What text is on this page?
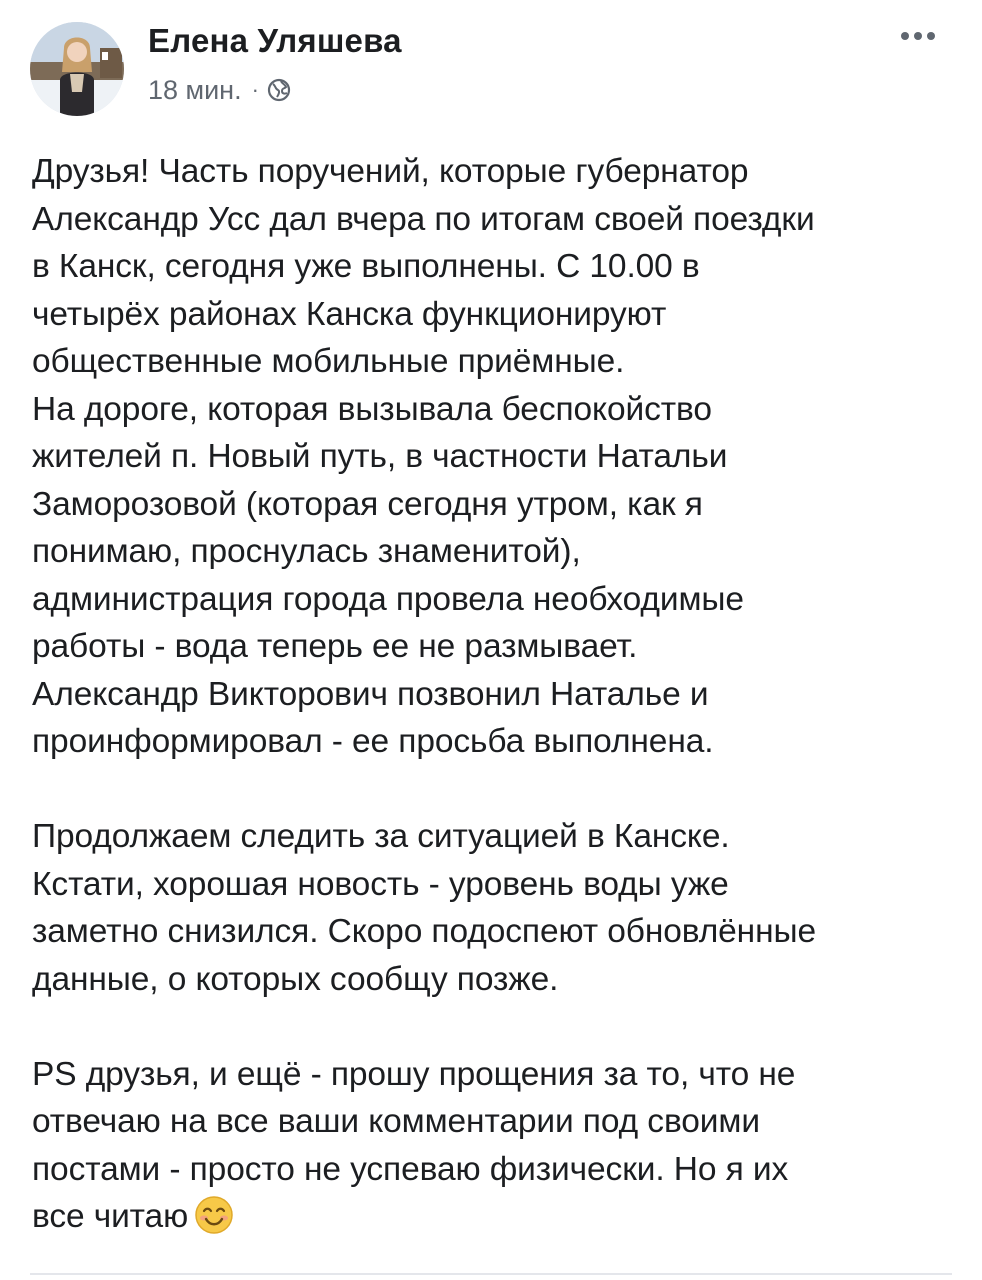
Елена Уляшева
18 мин. ·

Друзья! Часть поручений, которые губернатор

Александр Усс дал вчера по итогам своей поездки

в Канск, сегодня уже выполнены. С 10.00 в

четырёх районах Канска функционируют

общественные мобильные приёмные.

На дороге, которая вызывала беспокойство

жителей п. Новый путь, в частности Натальи

Заморозовой (которая сегодня утром, как я

понимаю, проснулась знаменитой),

администрация города провела необходимые

работы - вода теперь ее не размывает.

Александр Викторович позвонил Наталье и

проинформировал - ее просьба выполнена.

Продолжаем следить за ситуацией в Канске.

Кстати, хорошая новость - уровень воды уже

заметно снизился. Скоро подоспеют обновлённые

данные, о которых сообщу позже.

PS друзья, и ещё - прошу прощения за то, что не

отвечаю на все ваши комментарии под своими

постами - просто не успеваю физически. Но я их

все читаю
